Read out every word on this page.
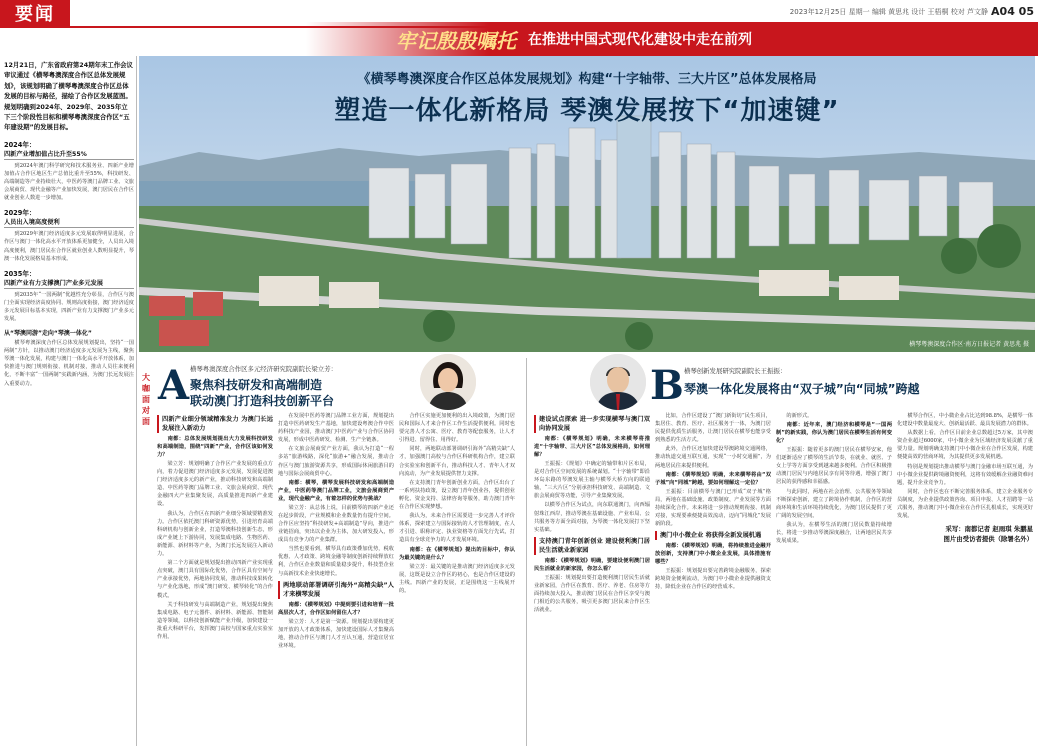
要闻	2023年12月25日 星期一 编辑 黄思兆 设计 王梧桐 校对 芦文静 A04 05
牢记殷殷嘱托 在推进中国式现代化建设中走在前列
12月21日，广东省政府第24期年末工作会议审议通过《横琴粤澳深度合作区总体发展规划》，该规划明确了横琴粤澳深度合作区总体发展的目标与路径，描绘了合作区发展蓝图。规划明确到2024年、2029年、2035年立下三个阶段性目标和横琴粤澳深度合作区“五年建设期”的发展目标。
2024年：
四新产业增加值占比升至55%
到2024年澳门科学研究和技术服务业、四新产业增加值占合作区地区生产总值比重升至55%，科技研发、高端制造等产业持续壮大，中医药等澳门品牌工业、文旅会展商贸、现代金融等产业加快发展，澳门居民在合作区就业创业人数进一步增加。
2029年：
人员出入境高度便利
到2029年澳门经济适度多元发展取得明显进展，合作区与澳门一体化高水平开放体系更加健全，人员出入境高度便利，澳门居民在合作区就业创业人数明显提升，琴澳一体化发展格局基本形成。
2035年：
四新产业有力支撑澳门产业多元发展
到2035年“一国两制”优越性充分彰显，合作区与澳门全面实现经济高度协同、规则高度衔接，澳门经济适度多元发展目标基本实现，四新产业有力支撑澳门产业多元发展。
从“琴澳同游”走向“琴澳一体化”
横琴粤澳深度合作区总体发展规划提出，坚持“一国两制”方针，以推动澳门经济适度多元发展为主线，聚焦琴澳一体化发展，构建与澳门一体化高水平开放体系，加快推进与澳门规则衔接、机制对接，推动人员往来便利化，不断丰富“一国两制”实践新内涵，为澳门长远发展注入重要动力。
《横琴粤澳深度合作区总体发展规划》构建“十字轴带、三大片区”总体发展格局
塑造一体化新格局 琴澳发展按下“加速键”
横琴粤澳深度合作区·南方日报记者 黄思兆 摄
大咖面对面
A 横琴粤澳深度合作区多元经济研究院副院长梁立芳：
聚焦科技研发和高端制造
联动澳门打造科技创新平台	B 横琴创新发展研究院副院长王振振：
琴澳一体化发展将由“双子城”向“同城”跨越
四新产业细分领域精准发力 为澳门长远发展注入新动力

南都：总体发展规划提出大力发展科技研发和高端制造，围绕“四新”产业，合作区该如何发力？

梁立芳：规划明确了合作区产业发展的重点方向，着力促进澳门经济适度多元发展，发展促进澳门经济适度多元的新产业，推动科技研发和高端制造、中医药等澳门品牌工业、文旅会展商贸、现代金融四大产业集聚发展，高质量推进四新产业建设。

我认为，合作区在四新产业细分领域要精准发力。合作区依托澳门科研资源优势，引进培育高端科研机构与创新企业，打造琴澳科技创新生态，形成产业链上下游协同，发展集成电路、生物医药、新能源、新材料等产业，为澳门长远发展注入新动力。

第二个方面就是规划提出推动四新产业实现重点突破，澳门具有国际化优势，合作区具有空间与产业承接优势，两地协同发展，推动科技成果转化与产业化落地，形成“澳门研发、横琴转化”的合作模式。

关于科技研发与高端制造产业，规划提出聚焦集成电路、电子元器件、新材料、新能源、智能制造等领域，以科技创新赋能产业升级，加快建设一批重大科研平台，发挥澳门高校与国家重点实验室作用。

在发展中医药等澳门品牌工业方面，规划提出打造中医药研发生产基地，加快建设粤澳合作中医药科技产业园，推动澳门中医药产业与合作区协同发展，形成中医药研发、检测、生产全链条。

在文旅会展商贸产业方面，我认为打造“一程多站”旅游线路，深化“旅游+”融合发展，推动合作区与澳门旅游资源共享，形成国际休闲旅游目的地与国际会展商贸中心。

南都：横琴，横琴发展科技研发和高端制造产业，中医药等澳门品牌工业，文旅会展商贸产业，现代金融产业，有着怎样的优势与挑战？

梁立芳：从总体上说，目前横琴的四新产业还在起步阶段，产业规模和企业数量仍有提升空间。合作区应坚持“科技研发+高端制造”导向，推进产业链招商，突出以企业为主体，加大研发投入，形成具有竞争力的产业集群。

当然也要看到，横琴具有政策叠加优势，税收优惠、人才政策、跨境金融等制度创新持续释放红利，合作区企业数量和质量稳步提升，科技型企业与高新技术企业快速增长。

两地联动部署调研引海外“高精尖缺”人才来横琴发展

南都：《横琴规划》中提到要引进和培育一批高层次人才，合作区如何留住人才？

梁立芳：人才是第一资源。规划提出要构建更加开放的人才政策体系，加快建设国际人才集聚高地，推动合作区与澳门人才互认互通，营造宜居宜业环境。

合作区实施更加便利的出入境政策，为澳门居民和国际人才来合作区工作生活提供便利。同时也要完善人才公寓、医疗、教育等配套服务，让人才引得进、留得住、用得好。

同时，两地联动部署调研引海外“高精尖缺”人才，加强澳门高校与合作区科研机构合作，建立联合实验室和创新平台，推动科技人才、青年人才双向流动，为产业发展提供智力支撑。

在支持澳门青年创新创业方面，合作区出台了一系列扶持政策，设立澳门青年创业谷，提供创业孵化、资金支持、法律咨询等服务，助力澳门青年在合作区实现梦想。

我认为，未来合作区需要进一步完善人才评价体系，探索建立与国际接轨的人才管理制度，在人才引进、职称评定、执业资格等方面先行先试，打造具有全球竞争力的人才发展环境。

南都：在《横琴规划》提出的目标中，你认为最关键的是什么？

梁立芳：最关键的是推动澳门经济适度多元发展，这既是设立合作区的初心，也是合作区建设的主线。四新产业的发展，正是围绕这一主线展开的。

建设试点探索 进一步实现横琴与澳门双向协同发展

南都：《横琴规划》明确，未来横琴将推进“十字轴带、三大片区”总体发展格局，如何理解？

王振振：《规划》中确定的轴带和片区布局，是对合作区空间发展的系统谋划。“十字轴带”即沿环岛东路的琴澳发展主轴与横琴大桥方向的联通轴，“三大片区”分别承担科技研发、高端制造、文旅会展商贸等功能，引导产业集聚发展。

以横琴合作区为试点，向东联通澳门，向西辐射珠江西岸，推动琴澳在基础设施、产业布局、公共服务等方面全面对接，为琴澳一体化发展打下坚实基础。

支持澳门青年创新创业 建设便利澳门居民生活就业新家园

南都：《横琴规划》明确，要建设便利澳门居民生活就业的新家园，你怎么看？

王振振：规划提出要打造便利澳门居民生活就业新家园，合作区在教育、医疗、养老、住房等方面持续加大投入，推动澳门居民在合作区享受与澳门相近的公共服务，吸引更多澳门居民来合作区生活就业。

比如，合作区建设了“澳门新街坊”民生项目，集居住、教育、医疗、社区服务于一体，为澳门居民提供优质生活服务，让澳门居民在横琴也能享受到熟悉的生活方式。

此外，合作区还加快建设琴澳跨境交通网络，推动轨道交通互联互通，实现“一小时交通圈”，为两地居民往来提供便利。

南都：《横琴规划》明确，未来横琴将由“双子城”向“同城”跨越，要如何理解这一定位？

王振振：目前横琴与澳门已形成“双子城”格局，两地在基础设施、政策制度、产业发展等方面持续深化合作。未来将进一步推动规则衔接、机制对接，实现要素便捷高效流动，迈向“同城化”发展新阶段。

澳门中小微企业 将获得全新发展机遇

南都：《横琴规划》明确，将持续推进金融开放创新，支持澳门中小微企业发展，具体措施有哪些？

王振振：规划提出要完善跨境金融服务，探索跨境资金便利流动，为澳门中小微企业提供融资支持，降低企业在合作区的经营成本。

的新形式。

南都：近年来，澳门经济和横琴是“一国两制”的新实践，你认为澳门居民在横琴生活有何变化？

王振振：随着更多的澳门居民在横琴安家，他们逐渐适应了横琴的生活节奏，在就业、就医、子女上学等方面享受到越来越多便利。合作区积极推动澳门居民与内地居民享有同等待遇，增强了澳门居民的获得感和幸福感。

与此同时，两地在社会治理、公共服务等领域不断探索创新，建立了跨境协作机制，合作区的营商环境和生活环境持续优化，为澳门居民提供了更广阔的发展空间。

我认为，在横琴生活的澳门居民数量持续增长，将进一步推动琴澳深度融合，让两地居民共享发展成果。

横琴合作区，中小微企业占比达到98.8%，是横琴一体化建设中数量最庞大、创新最活跃、最具发展潜力的群体。

从数据上看，合作区目前企业总数超过5万家，其中澳资企业超过6000家，中小微企业为区域经济发展贡献了重要力量。规划明确支持澳门中小微企业在合作区发展，构建便捷高效的营商环境，为其提供更多发展机遇。

特别是规划提出推动横琴与澳门金融市场互联互通，为中小微企业提供跨境融资便利，这将有效缓解企业融资难问题，提升企业竞争力。

同时，合作区也在不断完善服务体系，建立企业服务专员制度，为企业提供政策咨询、项目申报、人才招聘等一站式服务，推动澳门中小微企业在合作区扎根成长，实现更好发展。

采写：南都记者 赵雨琪 朱鹏星
图片由受访者提供（除署名外）
